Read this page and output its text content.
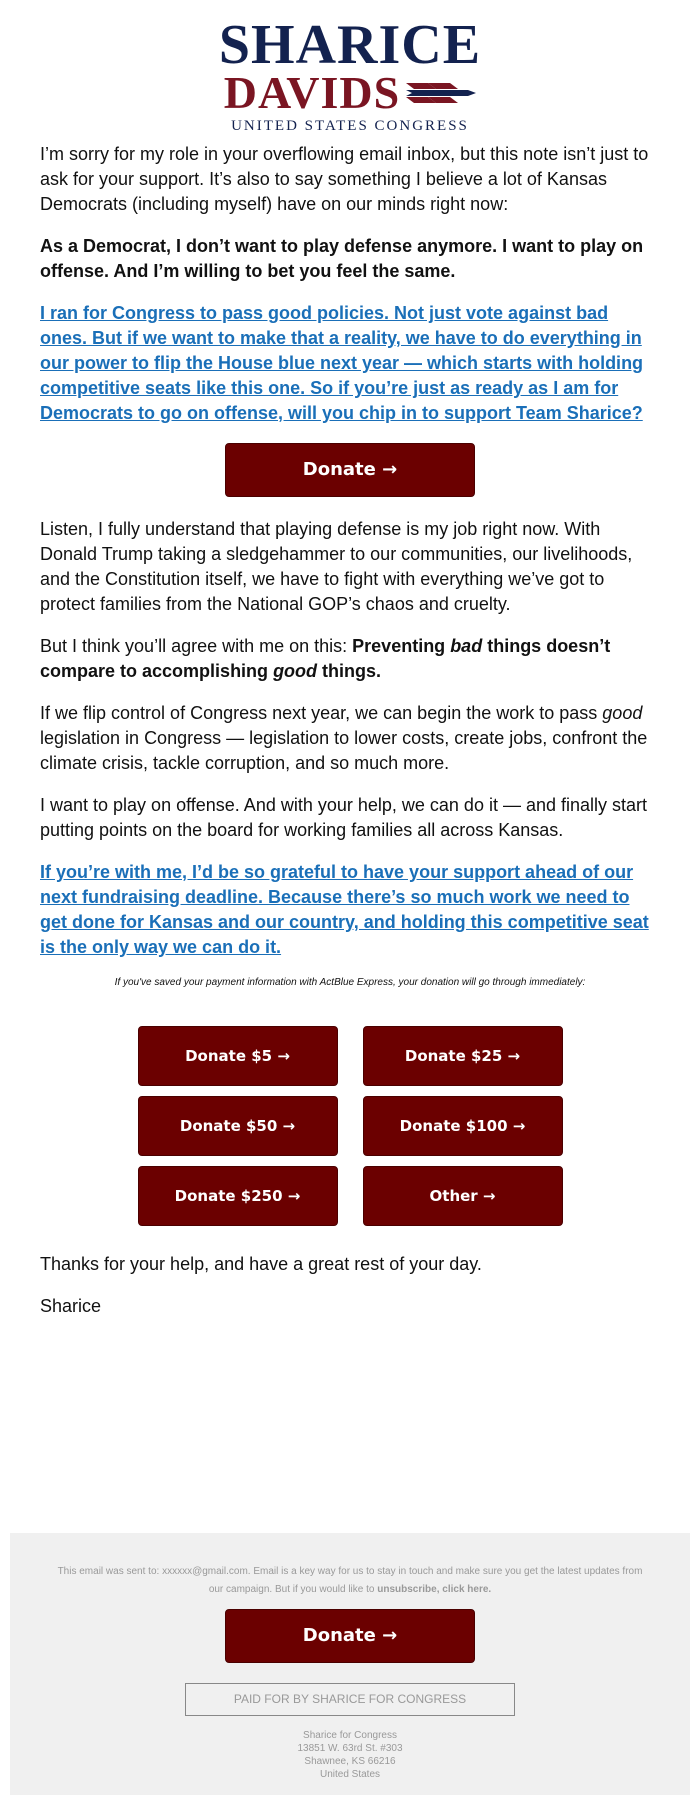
SHARICE
DAVIDS
UNITED STATES CONGRESS

I’m sorry for my role in your overflowing email inbox, but this note isn’t just to ask for your support. It’s also to say something I believe a lot of Kansas Democrats (including myself) have on our minds right now:

As a Democrat, I don’t want to play defense anymore. I want to play on offense. And I’m willing to bet you feel the same.

I ran for Congress to pass good policies. Not just vote against bad ones. But if we want to make that a reality, we have to do everything in our power to flip the House blue next year — which starts with holding competitive seats like this one. So if you’re just as ready as I am for Democrats to go on offense, will you chip in to support Team Sharice?

Donate →

Listen, I fully understand that playing defense is my job right now. With Donald Trump taking a sledgehammer to our communities, our livelihoods, and the Constitution itself, we have to fight with everything we’ve got to protect families from the National GOP’s chaos and cruelty.

But I think you’ll agree with me on this: Preventing bad things doesn’t compare to accomplishing good things.

If we flip control of Congress next year, we can begin the work to pass good legislation in Congress — legislation to lower costs, create jobs, confront the climate crisis, tackle corruption, and so much more.

I want to play on offense. And with your help, we can do it — and finally start putting points on the board for working families all across Kansas.

If you’re with me, I’d be so grateful to have your support ahead of our next fundraising deadline. Because there’s so much work we need to get done for Kansas and our country, and holding this competitive seat is the only way we can do it.

If you've saved your payment information with ActBlue Express, your donation will go through immediately:
Donate $5 →	Donate $25 →
Donate $50 →	Donate $100 →
Donate $250 →	Other →

Thanks for your help, and have a great rest of your day.

Sharice

This email was sent to: xxxxxx@gmail.com. Email is a key way for us to stay in touch and make sure you get the latest updates from our campaign. But if you would like to unsubscribe, click here.
Donate →
PAID FOR BY SHARICE FOR CONGRESS
Sharice for Congress
13851 W. 63rd St. #303
Shawnee, KS 66216
United States
